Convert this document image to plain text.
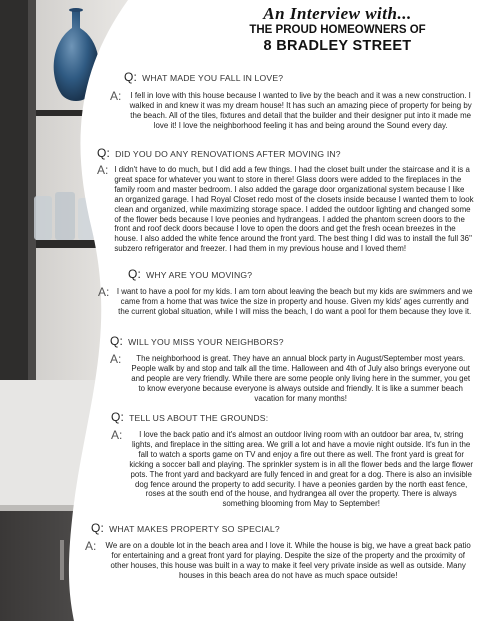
An Interview with...
THE PROUD HOMEOWNERS OF
8 BRADLEY STREET
Q: WHAT MADE YOU FALL IN LOVE?
A:	I fell in love with this house because I wanted to live by the beach and it was a new construction. I walked in and knew it was my dream house! It has such an amazing piece of property for being by the beach. All of the tiles, fixtures and detail that the builder and their designer put into it made me love it! I love the neighborhood feeling it has and being around the Sound every day.
Q: DID YOU DO ANY RENOVATIONS AFTER MOVING IN?
A: I didn't have to do much, but I did add a few things. I had the closet built under the staircase and it is a great space for whatever you want to store in there! Glass doors were added to the fireplaces in the family room and master bedroom. I also added the garage door organizational system because I like an organized garage. I had Royal Closet redo most of the closets inside because I wanted them to look clean and organized, while maximizing storage space. I added the outdoor lighting and changed some of the flower beds because I love peonies and hydrangeas. I added the phantom screen doors to the front and roof deck doors because I love to open the doors and get the fresh ocean breezes in the house. I also added the white fence around the front yard. The best thing I did was to install the full 36" subzero refrigerator and freezer. I had them in my previous house and I loved them!
Q: WHY ARE YOU MOVING?
A: I want to have a pool for my kids. I am torn about leaving the beach but my kids are swimmers and we came from a home that was twice the size in property and house. Given my kids' ages currently and the current global situation, while I will miss the beach, I do want a pool for them because they love it.
Q: WILL YOU MISS YOUR NEIGHBORS?
A:	The neighborhood is great. They have an annual block party in August/September most years. People walk by and stop and talk all the time. Halloween and 4th of July also brings everyone out and people are very friendly. While there are some people only living here in the summer, you get to know everyone because everyone is always outside and friendly. It is like a summer beach vacation for many months!
Q: TELL US ABOUT THE GROUNDS:
A:	I love the back patio and it's almost an outdoor living room with an outdoor bar area, tv, string lights, and fireplace in the sitting area. We grill a lot and have a movie night outside. It's fun in the fall to watch a sports game on TV and enjoy a fire out there as well. The front yard is great for kicking a soccer ball and playing. The sprinkler system is in all the flower beds and the large flower pots. The front yard and backyard are fully fenced in and great for a dog. There is also an invisible dog fence around the property to add security. I have a peonies garden by the north east fence, roses at the south end of the house, and hydrangea all over the property. There is always something blooming from May to September!
Q: WHAT MAKES PROPERTY SO SPECIAL?
A:	We are on a double lot in the beach area and I love it. While the house is big, we have a great back patio for entertaining and a great front yard for playing. Despite the size of the property and the proximity of other houses, this house was built in a way to make it feel very private inside as well as outside. Many houses in this beach area do not have as much space outside!
